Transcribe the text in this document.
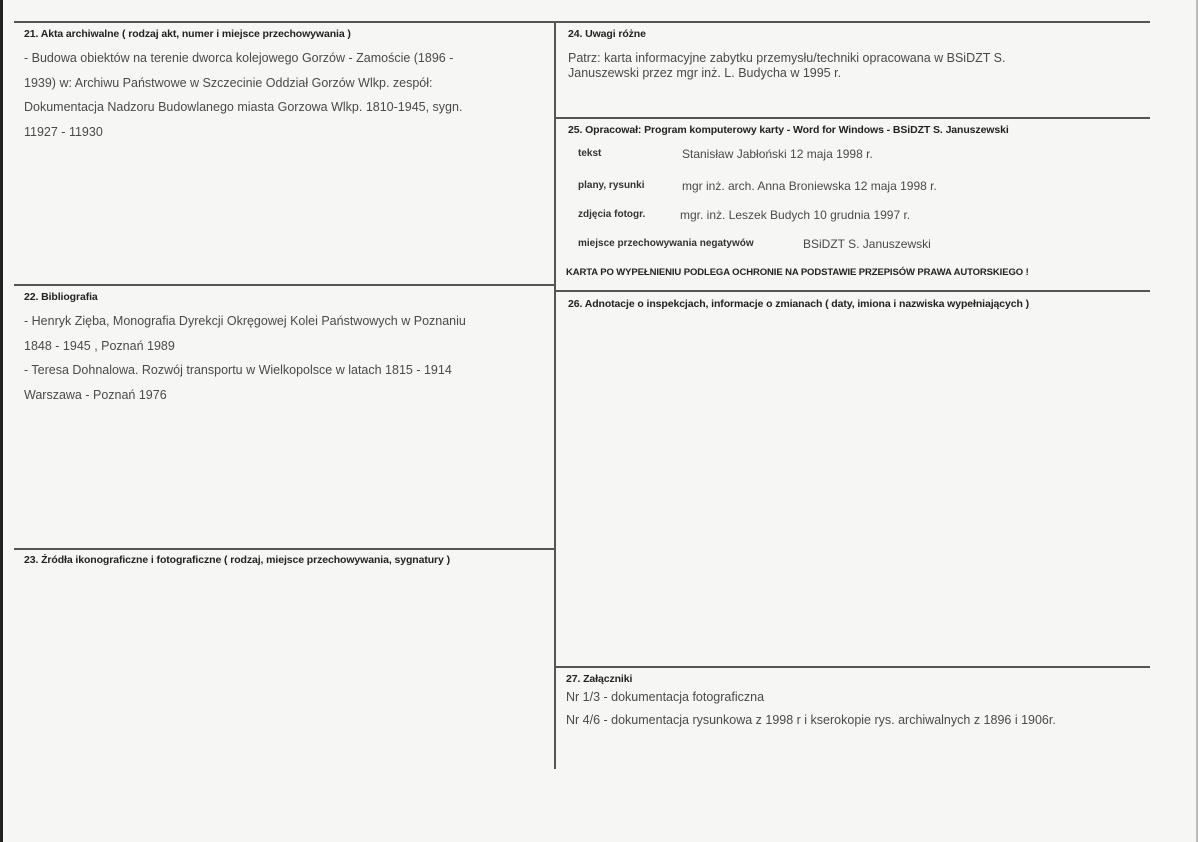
21. Akta archiwalne ( rodzaj akt, numer i miejsce przechowywania )
- Budowa obiektów na terenie dworca kolejowego Gorzów - Zamoście (1896 -
1939) w: Archiwu Państwowe w Szczecinie Oddział Gorzów Wlkp. zespół:
Dokumentacja Nadzoru Budowlanego miasta Gorzowa Wlkp. 1810-1945, sygn.
11927 - 11930
22. Bibliografia
- Henryk Zięba, Monografia Dyrekcji Okręgowej Kolei Państwowych w Poznaniu
1848 - 1945 , Poznań 1989
- Teresa Dohnalowa. Rozwój transportu w Wielkopolsce w latach 1815 - 1914
Warszawa - Poznań 1976
23. Źródła ikonograficzne i fotograficzne ( rodzaj, miejsce przechowywania, sygnatury )
24. Uwagi różne
Patrz: karta informacyjne zabytku przemysłu/techniki opracowana w BSiDZT S.
Januszewski przez mgr inż. L. Budycha w 1995 r.
25. Opracował: Program komputerowy karty - Word for Windows - BSiDZT S. Januszewski
tekst	Stanisław Jabłoński 12 maja 1998 r.
plany, rysunki	mgr inż. arch. Anna Broniewska 12 maja 1998 r.
zdjęcia fotogr.	mgr. inż. Leszek Budych 10 grudnia 1997 r.
miejsce przechowywania negatywów	BSiDZT S. Januszewski
KARTA PO WYPEŁNIENIU PODLEGA OCHRONIE NA PODSTAWIE PRZEPISÓW PRAWA AUTORSKIEGO !
26. Adnotacje o inspekcjach, informacje o zmianach ( daty, imiona i nazwiska wypełniających )
27. Załączniki
Nr 1/3 - dokumentacja fotograficzna
Nr 4/6 - dokumentacja rysunkowa z 1998 r i kserokopie rys. archiwalnych z 1896 i 1906r.
